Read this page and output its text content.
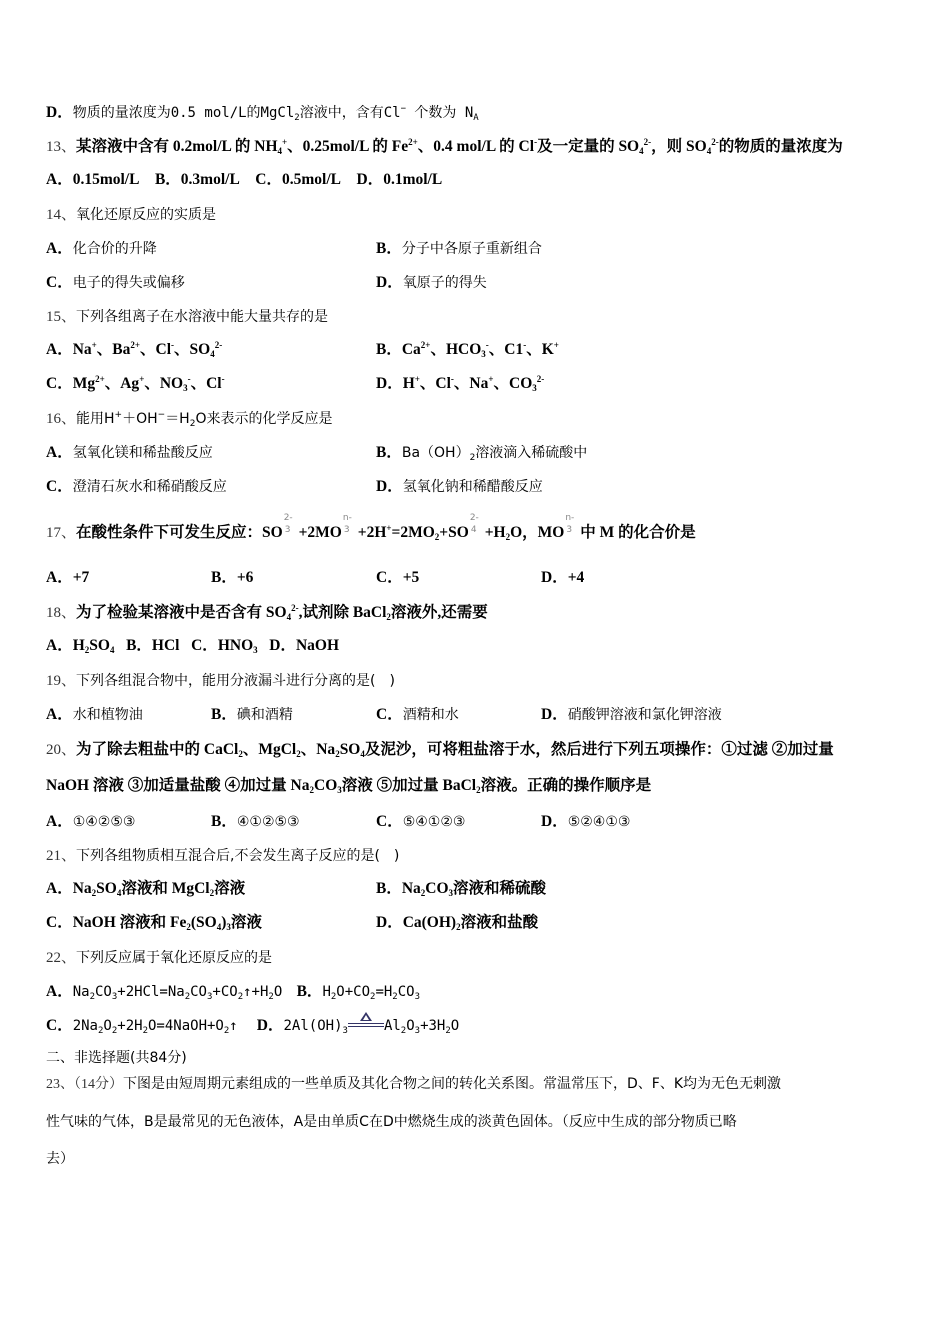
D．物质的量浓度为0.5 mol/L的MgCl$_2$溶液中，含有Cl− 个数为 $N_A$
13、某溶液中含有 0.2mol/L 的 $NH_4^+$、0.25mol/L 的 $Fe^{2+}$、0.4 mol/L 的 Cl-及一定量的 $SO_4^{2-}$，则 $SO_4^{2-}$的物质的量浓度为
A．0.15mol/L B．0.3mol/L C．0.5mol/L D．0.1mol/L
14、氧化还原反应的实质是
A．化合价的升降	B．分子中各原子重新组合
C．电子的得失或偏移	D．氧原子的得失
15、下列各组离子在水溶液中能大量共存的是
A．Na+、$Ba^{2+}$、Cl-、$SO_4^{2-}$	B．$Ca^{2+}$、$HCO_3^-$、C1-、K+
C．$Mg^{2+}$、Ag+、$NO_3^-$、Cl-	D．H+、Cl-、Na+、$CO_3^{2-}$
16、能用$H^++OH^-=H_2O$来表示的化学反应是
A．氢氧化镁和稀盐酸反应	B．$Ba(OH)_2$溶液滴入稀硫酸中
C．澄清石灰水和稀硝酸反应	D．氢氧化钠和稀醋酸反应
17、在酸性条件下可发生反应：SO
2-
3 +2MO
n-
$3 +2H^+=2MO_2+SO$
2-
$4 +H_2O$，MO
n-
3 中 M 的化合价是
A．+7	B．+6	C．+5	D．+4
18、为了检验某溶液中是否含有 $SO_4^{2-}$,试剂除 BaCl$_2$溶液外,还需要
A．$H_2SO_4$ B．HCl C．$HNO_3$ D．NaOH
19、下列各组混合物中，能用分液漏斗进行分离的是(　)
A．水和植物油	B．碘和酒精	C．酒精和水	D．硝酸钾溶液和氯化钾溶液
20、为了除去粗盐中的 CaCl$_2$、MgCl$_2$、$Na_2SO_4$及泥沙，可将粗盐溶于水，然后进行下列五项操作：①过滤 ②加过量
NaOH 溶液 ③加适量盐酸 ④加过量 $Na_2CO_3$溶液 ⑤加过量 BaCl$_2$溶液。正确的操作顺序是
A．①④②⑤③	B．④①②⑤③	C．⑤④①②③	D．⑤②④①③
21、下列各组物质相互混合后,不会发生离子反应的是(　)
A．$Na_2SO_4$溶液和 MgCl$_2$溶液	B．$Na_2CO_3$溶液和稀硫酸
C．NaOH 溶液和 $Fe_2(SO_4)_3$溶液	D．$Ca(OH)_2$溶液和盐酸
22、下列反应属于氧化还原反应的是
A．$Na_2CO_3+2HCl=Na_2CO_3+CO_2↑+H_2O$ B．$H_2O+CO_2=H_2CO_3$
C．$2Na_2O_2+2H_2O=4NaOH+O_2↑$ D．$2Al(OH)_3$	$Al_2O_3+3H_2O$
二、非选择题(共84分)
23、（14分）下图是由短周期元素组成的一些单质及其化合物之间的转化关系图。常温常压下，D、F、K均为无色无刺激
性气味的气体，B是最常见的无色液体，A是由单质C在D中燃烧生成的淡黄色固体。（反应中生成的部分物质已略
去）
